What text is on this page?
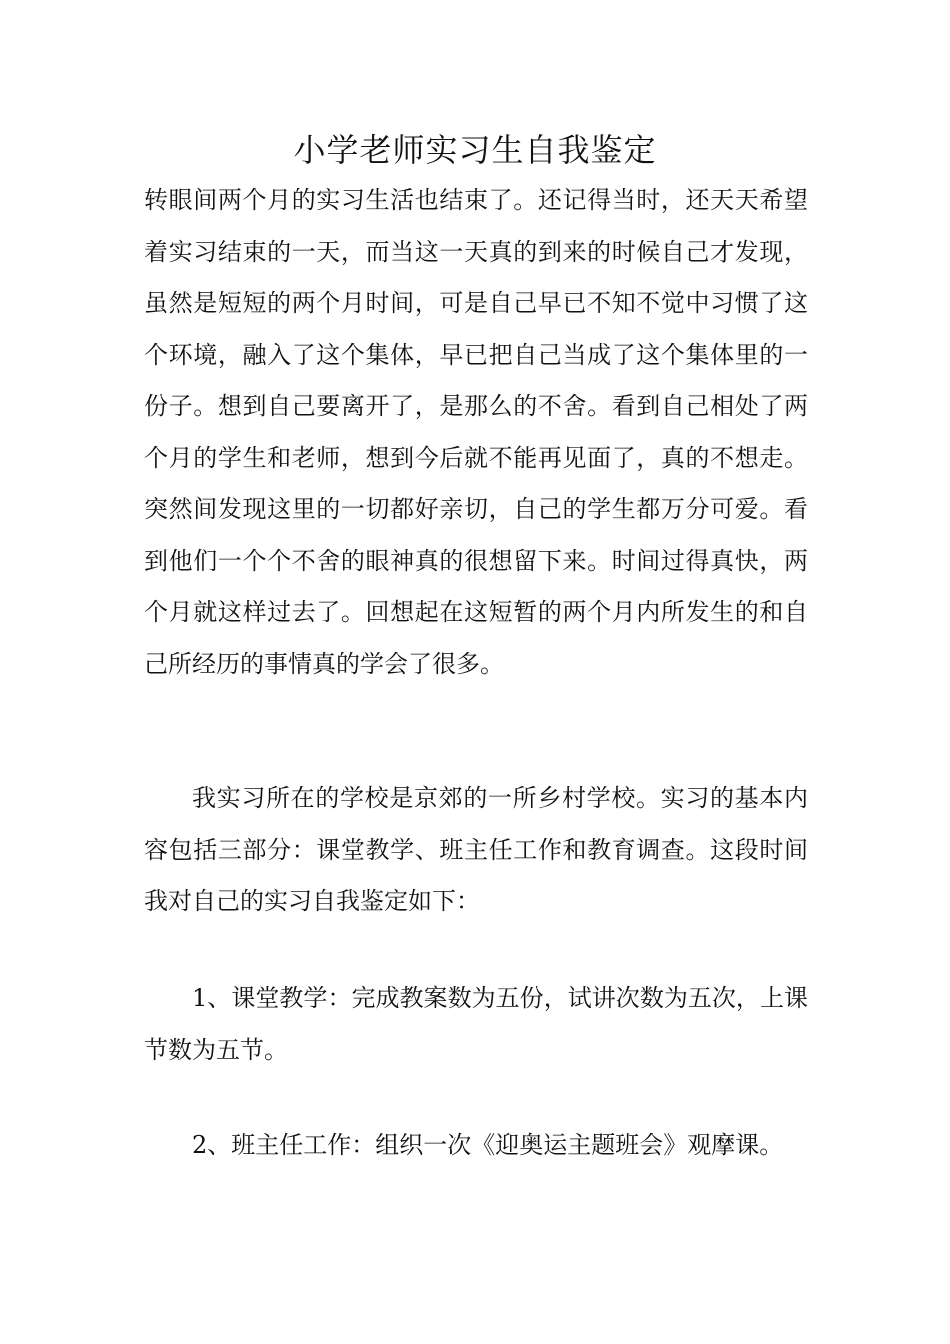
小学老师实习生自我鉴定

转眼间两个月的实习生活也结束了。还记得当时，还天天希望着实习结束的一天，而当这一天真的到来的时候自己才发现，虽然是短短的两个月时间，可是自己早已不知不觉中习惯了这个环境，融入了这个集体，早已把自己当成了这个集体里的一份子。想到自己要离开了，是那么的不舍。看到自己相处了两个月的学生和老师，想到今后就不能再见面了，真的不想走。突然间发现这里的一切都好亲切，自己的学生都万分可爱。看到他们一个个不舍的眼神真的很想留下来。时间过得真快，两个月就这样过去了。回想起在这短暂的两个月内所发生的和自己所经历的事情真的学会了很多。

我实习所在的学校是京郊的一所乡村学校。实习的基本内容包括三部分：课堂教学、班主任工作和教育调查。这段时间我对自己的实习自我鉴定如下：

1、课堂教学：完成教案数为五份，试讲次数为五次，上课节数为五节。

2、班主任工作：组织一次《迎奥运主题班会》观摩课。
